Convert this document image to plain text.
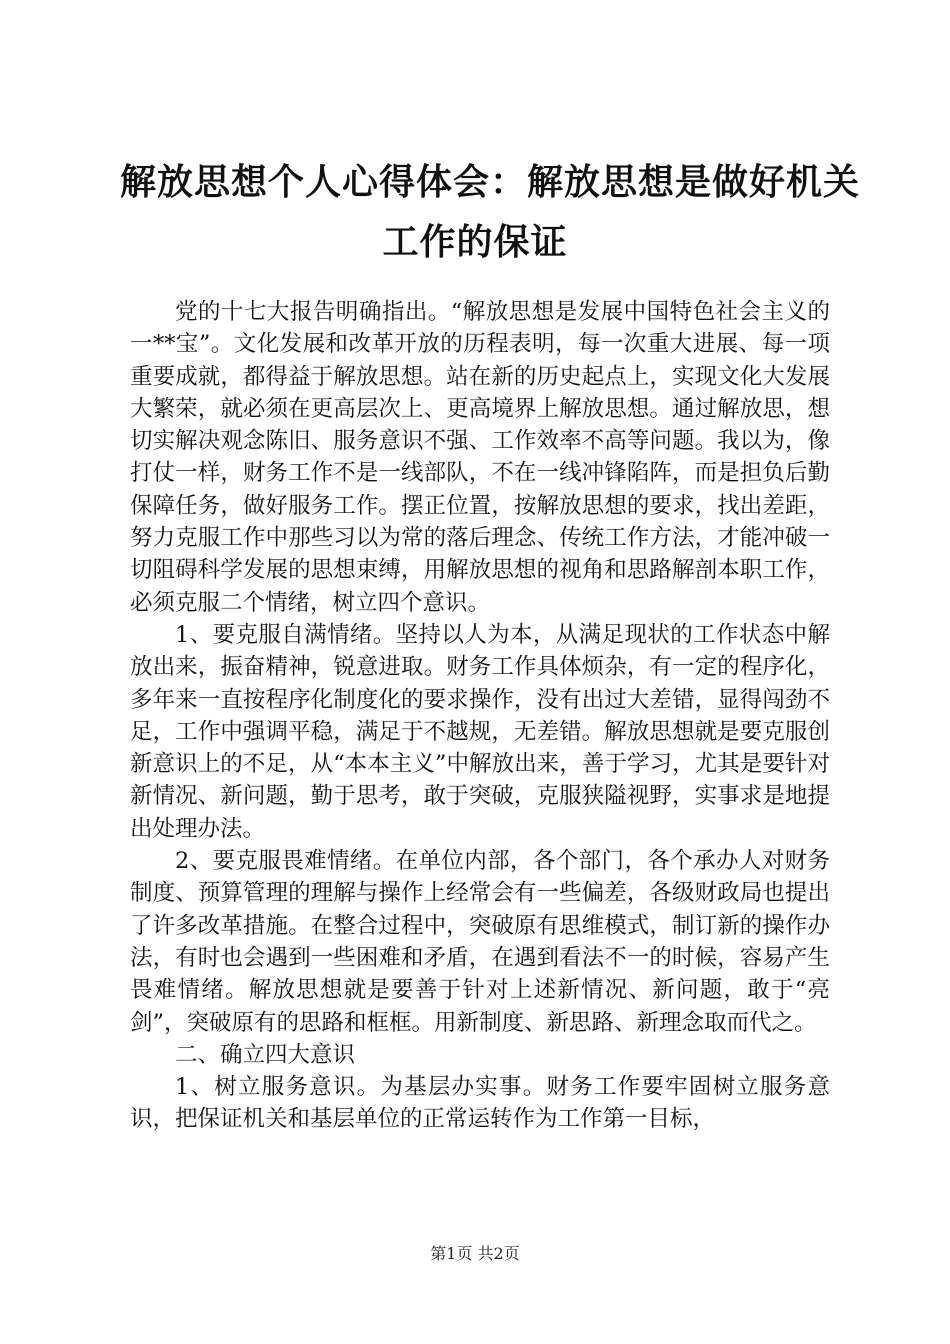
解放思想个人心得体会：解放思想是做好机关
工作的保证

党的十七大报告明确指出。“解放思想是发展中国特色社会主义的一**宝”。文化发展和改革开放的历程表明，每一次重大进展、每一项重要成就，都得益于解放思想。站在新的历史起点上，实现文化大发展大繁荣，就必须在更高层次上、更高境界上解放思想。通过解放思，想切实解决观念陈旧、服务意识不强、工作效率不高等问题。我以为，像打仗一样，财务工作不是一线部队，不在一线冲锋陷阵，而是担负后勤保障任务，做好服务工作。摆正位置，按解放思想的要求，找出差距，努力克服工作中那些习以为常的落后理念、传统工作方法，才能冲破一切阻碍科学发展的思想束缚，用解放思想的视角和思路解剖本职工作，必须克服二个情绪，树立四个意识。

1、要克服自满情绪。坚持以人为本，从满足现状的工作状态中解放出来，振奋精神，锐意进取。财务工作具体烦杂，有一定的程序化，多年来一直按程序化制度化的要求操作，没有出过大差错，显得闯劲不足，工作中强调平稳，满足于不越规，无差错。解放思想就是要克服创新意识上的不足，从“本本主义”中解放出来，善于学习，尤其是要针对新情况、新问题，勤于思考，敢于突破，克服狭隘视野，实事求是地提出处理办法。

2、要克服畏难情绪。在单位内部，各个部门，各个承办人对财务制度、预算管理的理解与操作上经常会有一些偏差，各级财政局也提出了许多改革措施。在整合过程中，突破原有思维模式，制订新的操作办法，有时也会遇到一些困难和矛盾，在遇到看法不一的时候，容易产生畏难情绪。解放思想就是要善于针对上述新情况、新问题，敢于“亮剑”，突破原有的思路和框框。用新制度、新思路、新理念取而代之。

二、确立四大意识

1、树立服务意识。为基层办实事。财务工作要牢固树立服务意识，把保证机关和基层单位的正常运转作为工作第一目标，

第1页 共2页
